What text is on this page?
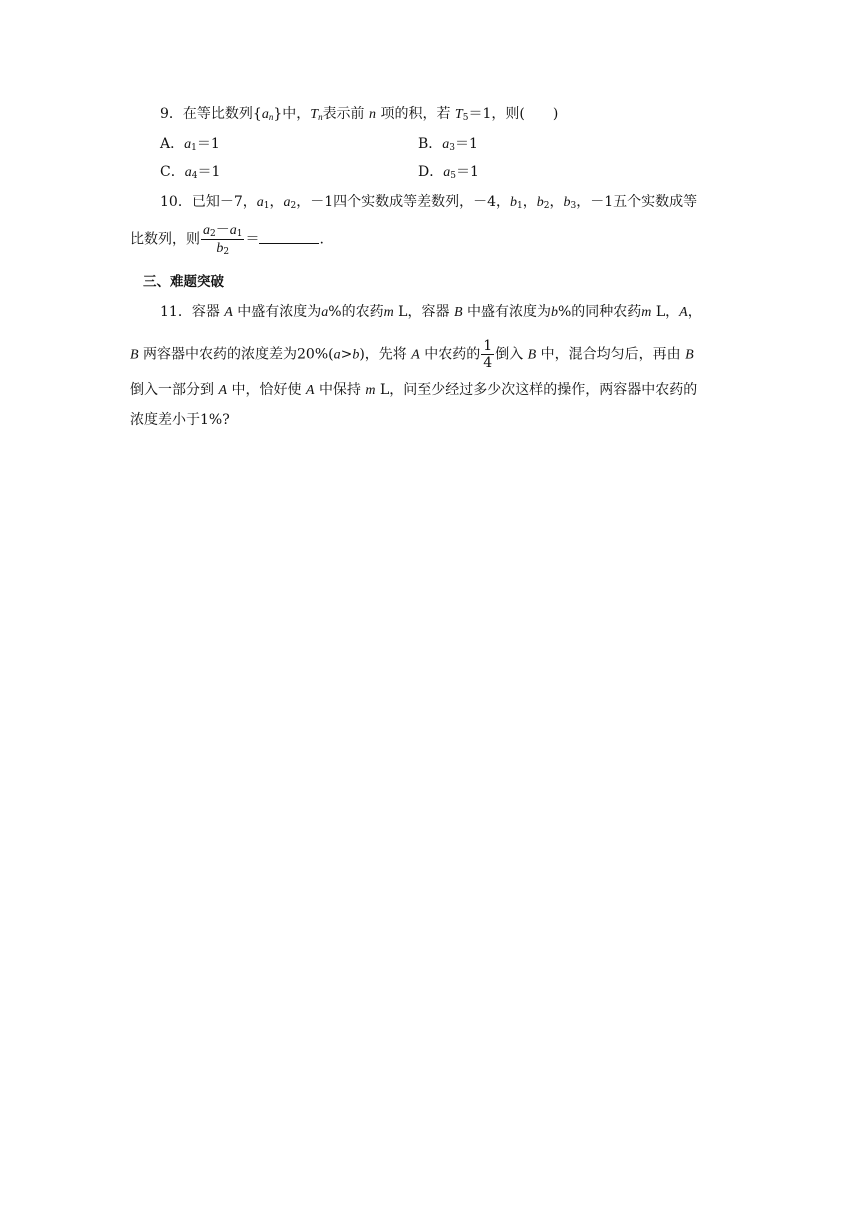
9．在等比数列$\{a_n\}$中，$T_n$表示前 n 项的积，若 $T_5=1$，则(　　)
A．$a_1=1$	B．$a_3=1$
C．$a_4=1$	D．$a_5=1$
10．已知－7，$a_1$，$a_2$，－1四个实数成等差数列，－4，$b_1$，$b_2$，$b_3$，－1五个实数成等
比数列，则 $\frac{a_2-a_1}{b_2}$ ＝	.
三、难题突破
11．容器 A 中盛有浓度为a%的农药m L，容器 B 中盛有浓度为b%的同种农药m L，A，
B 两容器中农药的浓度差为20%(a>b)，先将 A 中农药的 $\frac{1}{4}$ 倒入 B 中，混合均匀后，再由 B
倒入一部分到 A 中，恰好使 A 中保持 m L，问至少经过多少次这样的操作，两容器中农药的
浓度差小于1%?
